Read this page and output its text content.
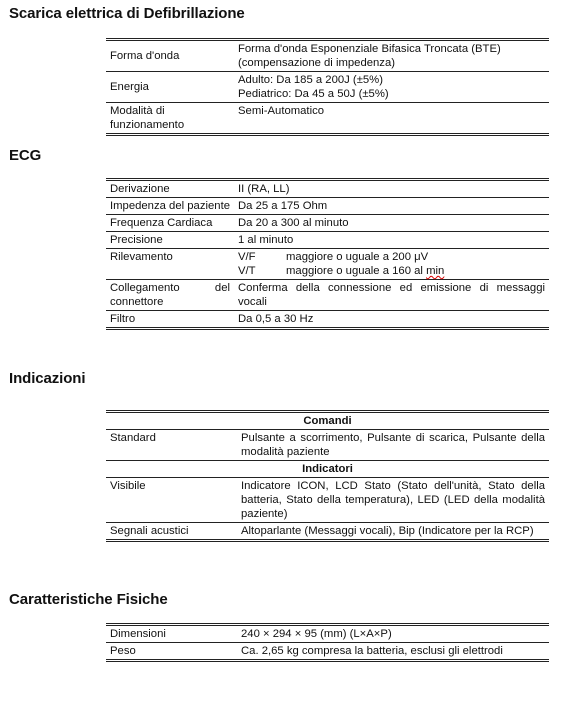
Scarica elettrica di Defibrillazione
Forma d'onda	Forma d'onda Esponenziale Bifasica Troncata (BTE)
(compensazione di impedenza)

Energia	Adulto: Da 185 a 200J (±5%)
Pediatrico: Da 45 a 50J (±5%)

Modalità di
funzionamento	Semi-Automatico
ECG
Derivazione	II (RA, LL)
Impedenza del paziente	Da 25 a 175 Ohm
Frequenza Cardiaca	Da 20 a 300 al minuto
Precisione	1 al minuto
Rilevamento	V/F maggiore o uguale a 200 μV
V/T maggiore o uguale a 160 al min

Collegamento del connettore	Conferma della connessione ed emissione di messaggi vocali
Filtro	Da 0,5 a 30 Hz
Indicazioni
Comandi	
Standard	Pulsante a scorrimento, Pulsante di scarica, Pulsante della modalità paziente
Indicatori	
Visibile	Indicatore ICON, LCD Stato (Stato dell'unità, Stato della batteria, Stato della temperatura), LED (LED della modalità paziente)
Segnali acustici	Altoparlante (Messaggi vocali), Bip (Indicatore per la RCP)
Caratteristiche Fisiche
Dimensioni	240 × 294 × 95 (mm) (L×A×P)
Peso	Ca. 2,65 kg compresa la batteria, esclusi gli elettrodi
